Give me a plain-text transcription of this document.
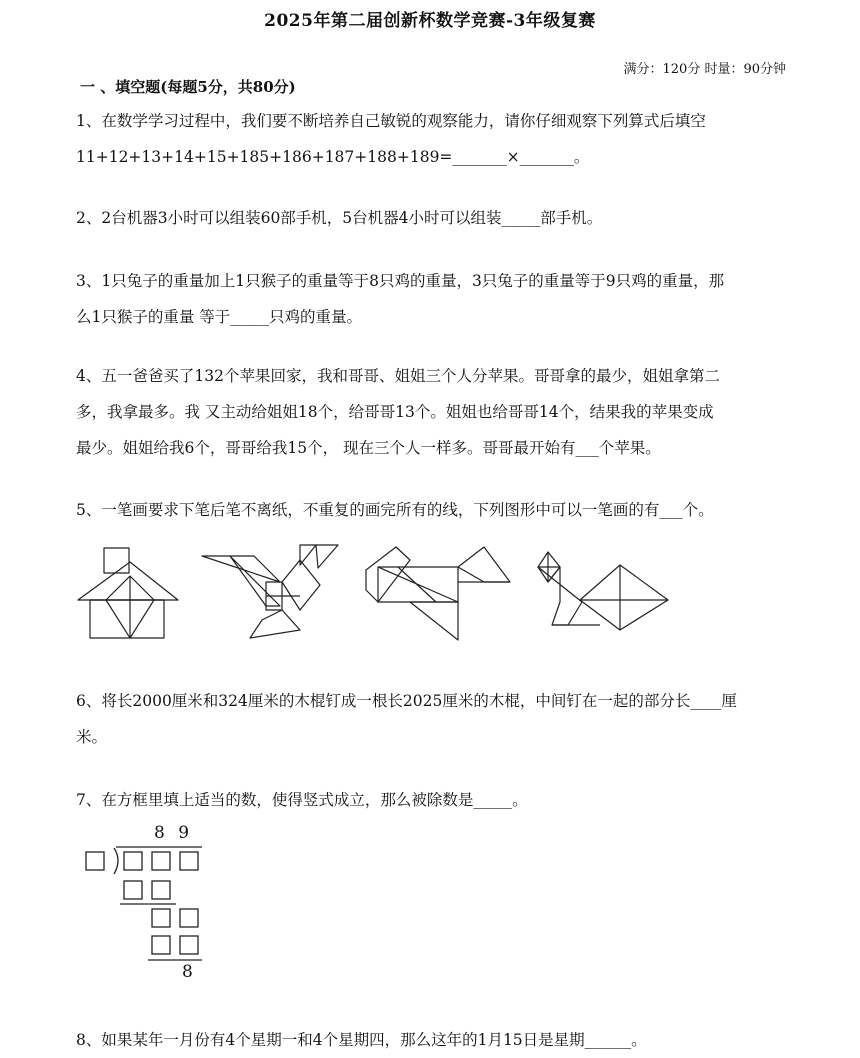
2025年第二届创新杯数学竞赛-3年级复赛
满分：120分 时量：90分钟
一 、填空题(每题5分，共80分)
1、在数学学习过程中，我们要不断培养自己敏锐的观察能力，请你仔细观察下列算式后填空
11+12+13+14+15+185+186+187+188+189=_______×_______。
2、2台机器3小时可以组装60部手机，5台机器4小时可以组装_____部手机。
3、1只兔子的重量加上1只猴子的重量等于8只鸡的重量，3只兔子的重量等于9只鸡的重量，那
么1只猴子的重量 等于_____只鸡的重量。
4、五一爸爸买了132个苹果回家，我和哥哥、姐姐三个人分苹果。哥哥拿的最少，姐姐拿第二
多，我拿最多。我 又主动给姐姐18个，给哥哥13个。姐姐也给哥哥14个，结果我的苹果变成
最少。姐姐给我6个，哥哥给我15个， 现在三个人一样多。哥哥最开始有___个苹果。
5、一笔画要求下笔后笔不离纸，不重复的画完所有的线，下列图形中可以一笔画的有___个。
6、将长2000厘米和324厘米的木棍钉成一根长2025厘米的木棍，中间钉在一起的部分长____厘
米。
7、在方框里填上适当的数，使得竖式成立，那么被除数是_____。
8 9
8
8、如果某年一月份有4个星期一和4个星期四，那么这年的1月15日是星期______。
